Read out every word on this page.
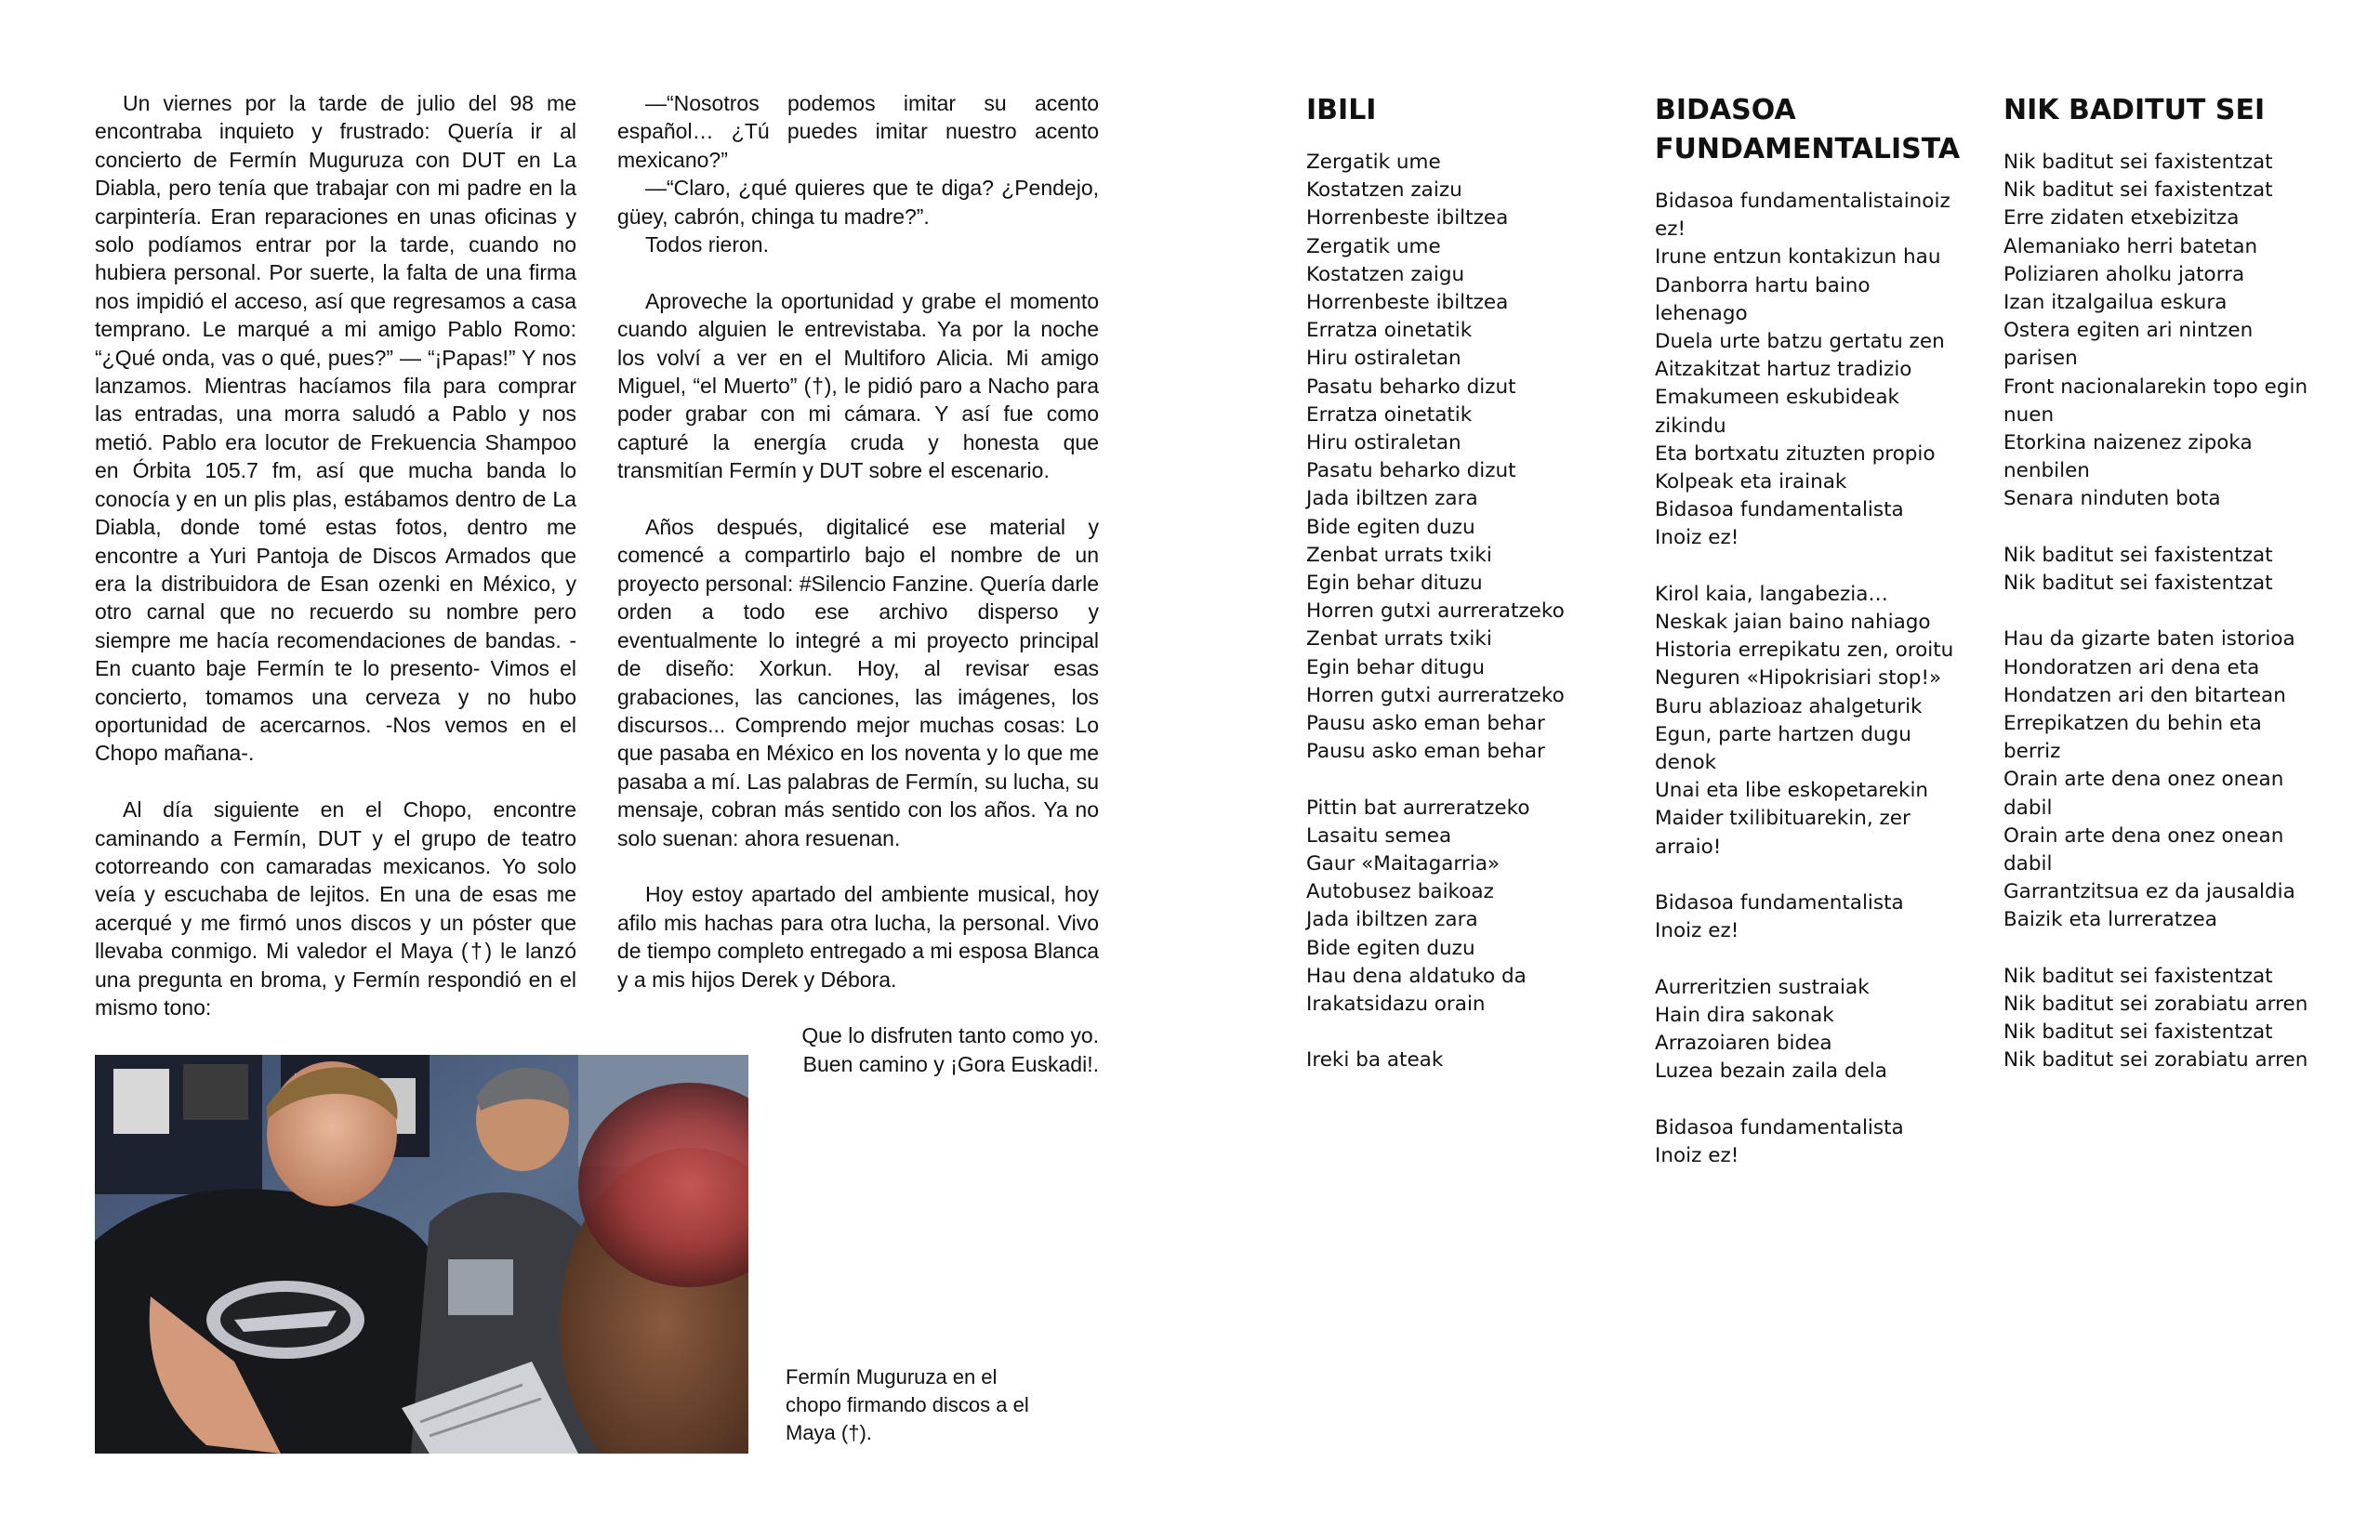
Un viernes por la tarde de julio del 98 me encontraba inquieto y frustrado: Quería ir al concierto de Fermín Muguruza con DUT en La Diabla, pero tenía que trabajar con mi padre en la carpintería. Eran reparaciones en unas oficinas y solo podíamos entrar por la tarde, cuando no hubiera personal. Por suerte, la falta de una firma nos impidió el acceso, así que regresamos a casa temprano. Le marqué a mi amigo Pablo Romo: “¿Qué onda, vas o qué, pues?” — “¡Papas!” Y nos lanzamos. Mientras hacíamos fila para comprar las entradas, una morra saludó a Pablo y nos metió. Pablo era locutor de Frekuencia Shampoo en Órbita 105.7 fm, así que mucha banda lo conocía y en un plis plas, estábamos dentro de La Diabla, donde tomé estas fotos, dentro me encontre a Yuri Pantoja de Discos Armados que era la distribuidora de Esan ozenki en México, y otro carnal que no recuerdo su nombre pero siempre me hacía recomendaciones de bandas. -En cuanto baje Fermín te lo presento- Vimos el concierto, tomamos una cerveza y no hubo oportunidad de acercarnos. -Nos vemos en el Chopo mañana-.

Al día siguiente en el Chopo, encontre caminando a Fermín, DUT y el grupo de teatro cotorreando con camaradas mexicanos. Yo solo veía y escuchaba de lejitos. En una de esas me acerqué y me firmó unos discos y un póster que llevaba conmigo. Mi valedor el Maya (†) le lanzó una pregunta en broma, y Fermín respondió en el mismo tono:

—“Nosotros podemos imitar su acento español… ¿Tú puedes imitar nuestro acento mexicano?”

—“Claro, ¿qué quieres que te diga? ¿Pendejo, güey, cabrón, chinga tu madre?”.

Todos rieron.

Aproveche la oportunidad y grabe el momento cuando alguien le entrevistaba. Ya por la noche los volví a ver en el Multiforo Alicia. Mi amigo Miguel, “el Muerto” (†), le pidió paro a Nacho para poder grabar con mi cámara. Y así fue como capturé la energía cruda y honesta que transmitían Fermín y DUT sobre el escenario.

Años después, digitalicé ese material y comencé a compartirlo bajo el nombre de un proyecto personal: #Silencio Fanzine. Quería darle orden a todo ese archivo disperso y eventualmente lo integré a mi proyecto principal de diseño: Xorkun. Hoy, al revisar esas grabaciones, las canciones, las imágenes, los discursos... Comprendo mejor muchas cosas: Lo que pasaba en México en los noventa y lo que me pasaba a mí. Las palabras de Fermín, su lucha, su mensaje, cobran más sentido con los años. Ya no solo suenan: ahora resuenan.

Hoy estoy apartado del ambiente musical, hoy afilo mis hachas para otra lucha, la personal. Vivo de tiempo completo entregado a mi esposa Blanca y a mis hijos Derek y Débora.

Que lo disfruten tanto como yo.

Buen camino y ¡Gora Euskadi!.

Fermín Muguruza en el chopo firmando discos a el Maya (†).
IBILI
Zergatik ume
Kostatzen zaizu
Horrenbeste ibiltzea
Zergatik ume
Kostatzen zaigu
Horrenbeste ibiltzea
Erratza oinetatik
Hiru ostiraletan
Pasatu beharko dizut
Erratza oinetatik
Hiru ostiraletan
Pasatu beharko dizut
Jada ibiltzen zara
Bide egiten duzu
Zenbat urrats txiki
Egin behar dituzu
Horren gutxi aurreratzeko
Zenbat urrats txiki
Egin behar ditugu
Horren gutxi aurreratzeko
Pausu asko eman behar
Pausu asko eman behar
Pittin bat aurreratzeko
Lasaitu semea
Gaur «Maitagarria»
Autobusez baikoaz
Jada ibiltzen zara
Bide egiten duzu
Hau dena aldatuko da
Irakatsidazu orain
Ireki ba ateak
BIDASOA FUNDAMENTALISTA
Bidasoa fundamentalistainoiz ez!
Irune entzun kontakizun hau
Danborra hartu baino lehenago
Duela urte batzu gertatu zen
Aitzakitzat hartuz tradizio
Emakumeen eskubideak zikindu
Eta bortxatu zituzten propio
Kolpeak eta irainak
Bidasoa fundamentalista
Inoiz ez!
Kirol kaia, langabezia…
Neskak jaian baino nahiago
Historia errepikatu zen, oroitu
Neguren «Hipokrisiari stop!»
Buru ablazioaz ahalgeturik
Egun, parte hartzen dugu denok
Unai eta libe eskopetarekin
Maider txilibituarekin, zer arraio!
Bidasoa fundamentalista
Inoiz ez!
Aurreritzien sustraiak
Hain dira sakonak
Arrazoiaren bidea
Luzea bezain zaila dela
Bidasoa fundamentalista
Inoiz ez!
NIK BADITUT SEI
Nik baditut sei faxistentzat
Nik baditut sei faxistentzat
Erre zidaten etxebizitza
Alemaniako herri batetan
Poliziaren aholku jatorra
Izan itzalgailua eskura
Ostera egiten ari nintzen parisen
Front nacionalarekin topo egin nuen
Etorkina naizenez zipoka nenbilen
Senara ninduten bota
Nik baditut sei faxistentzat
Nik baditut sei faxistentzat
Hau da gizarte baten istorioa
Hondoratzen ari dena eta
Hondatzen ari den bitartean
Errepikatzen du behin eta berriz
Orain arte dena onez onean dabil
Orain arte dena onez onean dabil
Garrantzitsua ez da jausaldia
Baizik eta lurreratzea
Nik baditut sei faxistentzat
Nik baditut sei zorabiatu arren
Nik baditut sei faxistentzat
Nik baditut sei zorabiatu arren
